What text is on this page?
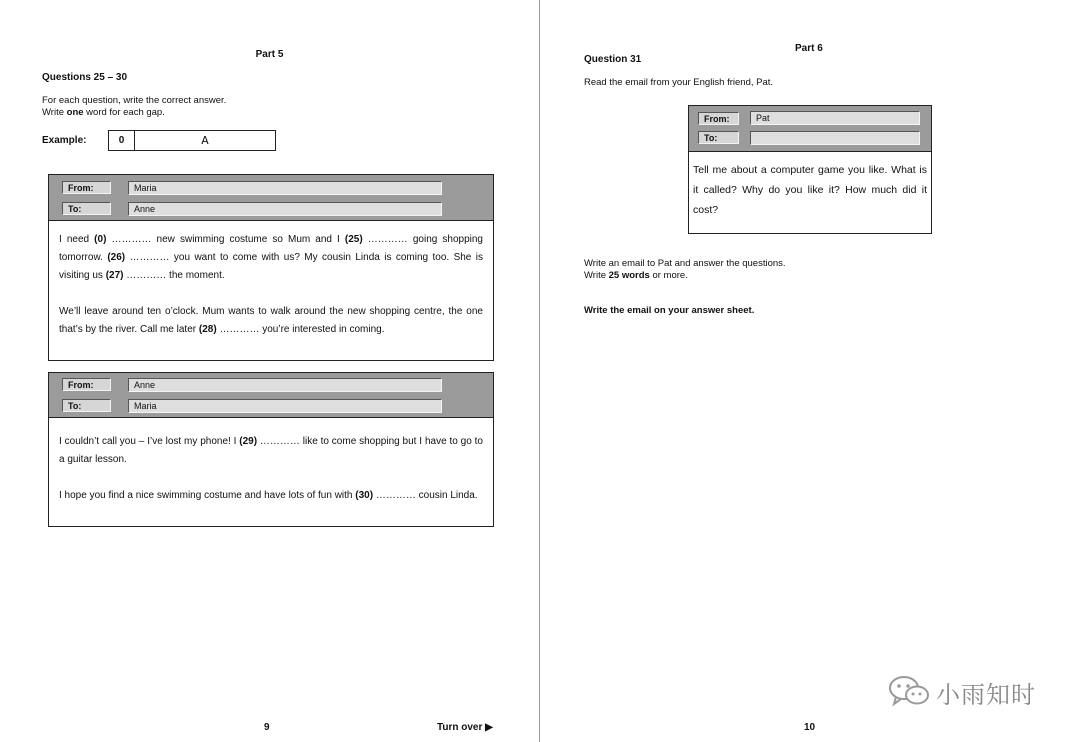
Part 5
Questions 25 – 30
For each question, write the correct answer.
Write one word for each gap.
Example:	0	A
From:	Maria
To:	Anne

I need (0) ………… new swimming costume so Mum and I (25) ………… going shopping tomorrow. (26) ………… you want to come with us? My cousin Linda is coming too. She is visiting us (27) ………… the moment.

We’ll leave around ten o’clock. Mum wants to walk around the new shopping centre, the one that’s by the river. Call me later (28) ………… you’re interested in coming.

From:	Anne
To:	Maria

I couldn’t call you – I’ve lost my phone! I (29) ………… like to come shopping but I have to go to a guitar lesson.

I hope you find a nice swimming costume and have lots of fun with (30) ………… cousin Linda.

9	Turn over ▶
Part 6
Question 31
Read the email from your English friend, Pat.
From:	Pat
To:
Tell me about a computer game you like. What is it called? Why do you like it? How much did it cost?
Write an email to Pat and answer the questions.
Write 25 words or more.
Write the email on your answer sheet.
10
小雨知时
